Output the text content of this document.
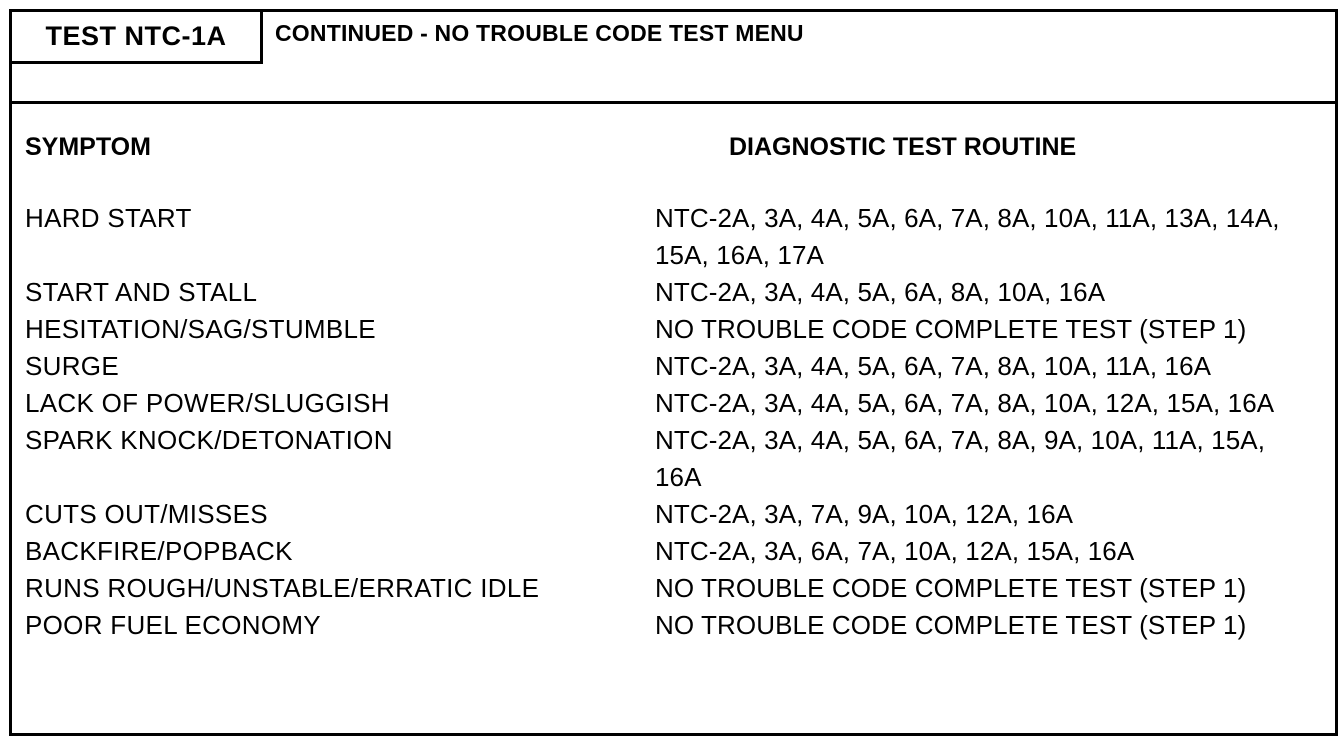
TEST NTC-1A CONTINUED - NO TROUBLE CODE TEST MENU
SYMPTOM	DIAGNOSTIC TEST ROUTINE
HARD START	NTC-2A, 3A, 4A, 5A, 6A, 7A, 8A, 10A, 11A, 13A, 14A, 15A, 16A, 17A
START AND STALL	NTC-2A, 3A, 4A, 5A, 6A, 8A, 10A, 16A
HESITATION/SAG/STUMBLE	NO TROUBLE CODE COMPLETE TEST (STEP 1)
SURGE	NTC-2A, 3A, 4A, 5A, 6A, 7A, 8A, 10A, 11A, 16A
LACK OF POWER/SLUGGISH	NTC-2A, 3A, 4A, 5A, 6A, 7A, 8A, 10A, 12A, 15A, 16A
SPARK KNOCK/DETONATION	NTC-2A, 3A, 4A, 5A, 6A, 7A, 8A, 9A, 10A, 11A, 15A, 16A
CUTS OUT/MISSES	NTC-2A, 3A, 7A, 9A, 10A, 12A, 16A
BACKFIRE/POPBACK	NTC-2A, 3A, 6A, 7A, 10A, 12A, 15A, 16A
RUNS ROUGH/UNSTABLE/ERRATIC IDLE	NO TROUBLE CODE COMPLETE TEST (STEP 1)
POOR FUEL ECONOMY	NO TROUBLE CODE COMPLETE TEST (STEP 1)
